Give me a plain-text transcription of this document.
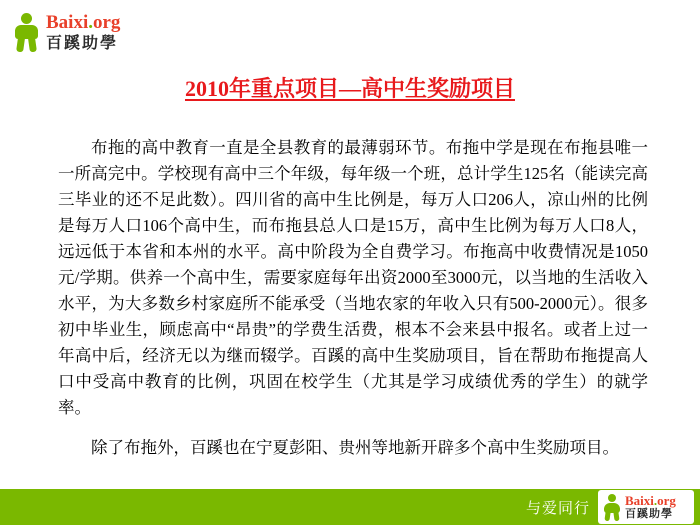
Baixi.org
百蹊助學
2010年重点项目—高中生奖励项目

布拖的高中教育一直是全县教育的最薄弱环节。布拖中学是现在布拖县唯一一所高完中。学校现有高中三个年级，每年级一个班，总计学生125名（能读完高三毕业的还不足此数）。四川省的高中生比例是，每万人口206人，凉山州的比例是每万人口106个高中生，而布拖县总人口是15万，高中生比例为每万人口8人，远远低于本省和本州的水平。高中阶段为全自费学习。布拖高中收费情况是1050元/学期。供养一个高中生，需要家庭每年出资2000至3000元，以当地的生活收入水平，为大多数乡村家庭所不能承受（当地农家的年收入只有500-2000元）。很多初中毕业生，顾虑高中“昂贵”的学费生活费，根本不会来县中报名。或者上过一年高中后，经济无以为继而辍学。百蹊的高中生奖励项目，旨在帮助布拖提高人口中受高中教育的比例，巩固在校学生（尤其是学习成绩优秀的学生）的就学率。

除了布拖外，百蹊也在宁夏彭阳、贵州等地新开辟多个高中生奖励项目。

与爱同行	Baixi.org
百蹊助學
